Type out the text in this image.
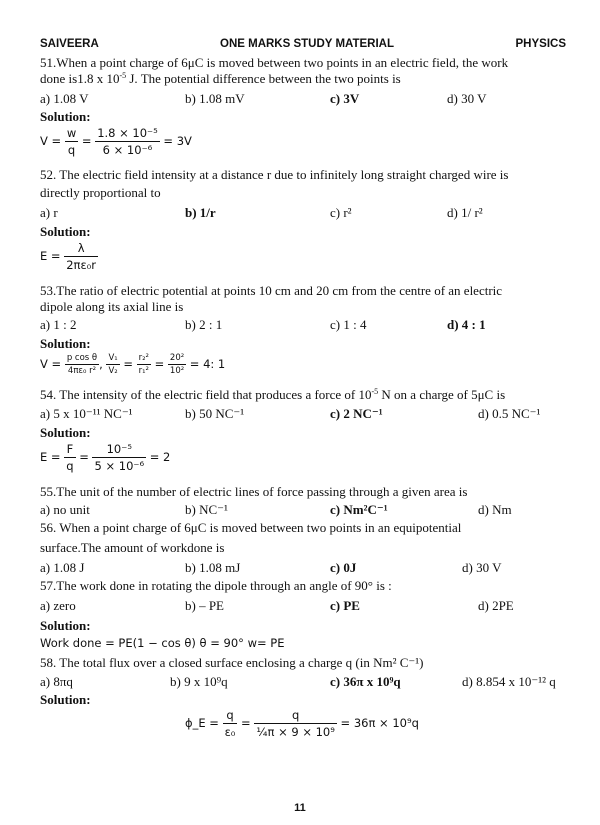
SAIVEERA	ONE MARKS STUDY MATERIAL	PHYSICS
51.When a point charge of 6μC is moved between two points in an electric field, the work
done is1.8 x $10^{-5}$ J. The potential difference between the two points is
a) 1.08 V	b) 1.08 mV	c) 3V	d) 30 V
Solution:
$V = \frac{w}{q} = \frac{\text{1.8 × 10⁻⁵}}{\text{6 × 10⁻⁶}} = 3V$
52. The electric field intensity at a distance r due to infinitely long straight charged wire is
directly proportional to
a) r	b) 1/r	c) r²	d) 1/ r²
Solution:
$E = \frac{\lambda}{\text{2πε₀r}}$
53.The ratio of electric potential at points 10 cm and 20 cm from the centre of an electric
dipole along its axial line is
a) 1 : 2	b) 2 : 1	c) 1 : 4	d) 4 : 1
Solution:
$V = \frac{\text{p cos θ}}{\text{4πε₀ r²}}$ , $\frac{\text{V₁}}{\text{V₂}} = \frac{\text{r₂²}}{\text{r₁²}} = \frac{\text{20²}}{\text{10²}} = 4$: 1
54. The intensity of the electric field that produces a force of $10^{-5}$ N on a charge of 5μC is
a) 5 x 10⁻¹¹ NC⁻¹	b) 50 NC⁻¹	c) 2 NC⁻¹	d) 0.5 NC⁻¹
Solution:
$E = \frac{F}{q} = \frac{\text{10⁻⁵}}{\text{5 × 10⁻⁶}} = 2$
55.The unit of the number of electric lines of force passing through a given area is
a) no unit	b) NC⁻¹	c) Nm²C⁻¹	d) Nm
56. When a point charge of 6μC is moved between two points in an equipotential
surface.The amount of workdone is
a) 1.08 J	b) 1.08 mJ	c) 0J	d) 30 V
57.The work done in rotating the dipole through an angle of 90° is :
a) zero	b) – PE	c) PE	d) 2PE
Solution:
Work done = PE(1 − cos θ) θ = 90° w= PE
58. The total flux over a closed surface enclosing a charge q (in Nm² C⁻¹)
a) 8πq	b) 9 x 10⁹q	c) 36π x 10⁹q	d) 8.854 x 10⁻¹² q
Solution:
ϕ_E = $\frac{q}{\text{ε₀}} = \frac{q}{\text{¹⁄₄π × 9 × 10⁹}} = 36\pi \times 10^9q$
11
